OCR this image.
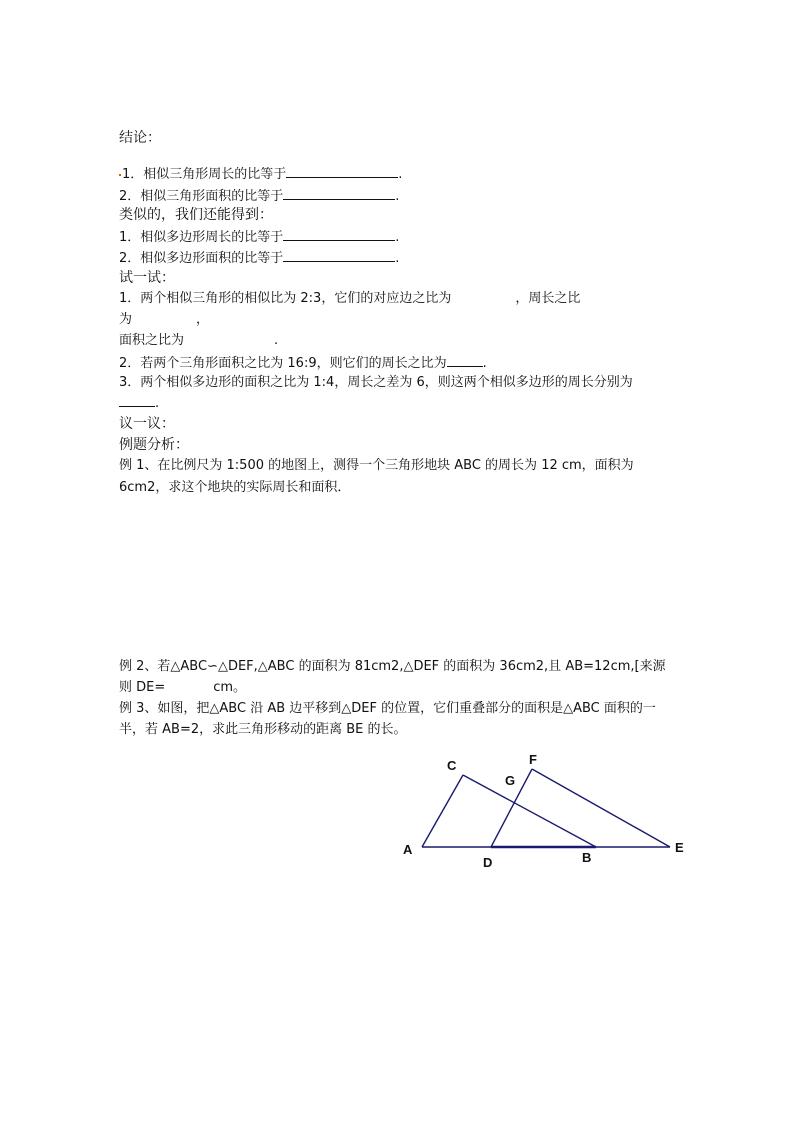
结论：
1．相似三角形周长的比等于	.
2．相似三角形面积的比等于	.
类似的，我们还能得到：
1．相似多边形周长的比等于	.
2．相似多边形面积的比等于	.
试一试：
1．两个相似三角形的相似比为 2:3，它们的对应边之比为	，周长之比
为	，
面积之比为	.
2．若两个三角形面积之比为 16:9，则它们的周长之比为	.
3．两个相似多边形的面积之比为 1:4，周长之差为 6，则这两个相似多边形的周长分别为
.
议一议：
例题分析：
例 1、在比例尺为 1:500 的地图上，测得一个三角形地块 ABC 的周长为 12 cm，面积为
6cm2，求这个地块的实际周长和面积．
例 2、若△ABC∽△DEF,△ABC 的面积为 81cm2,△DEF 的面积为 36cm2,且 AB=12cm,[来源
则 DE=	cm。
例 3、如图，把△ABC 沿 AB 边平移到△DEF 的位置，它们重叠部分的面积是△ABC 面积的一
半，若 AB=2，求此三角形移动的距离 BE 的长。
A
C
G
F
D	B
E
